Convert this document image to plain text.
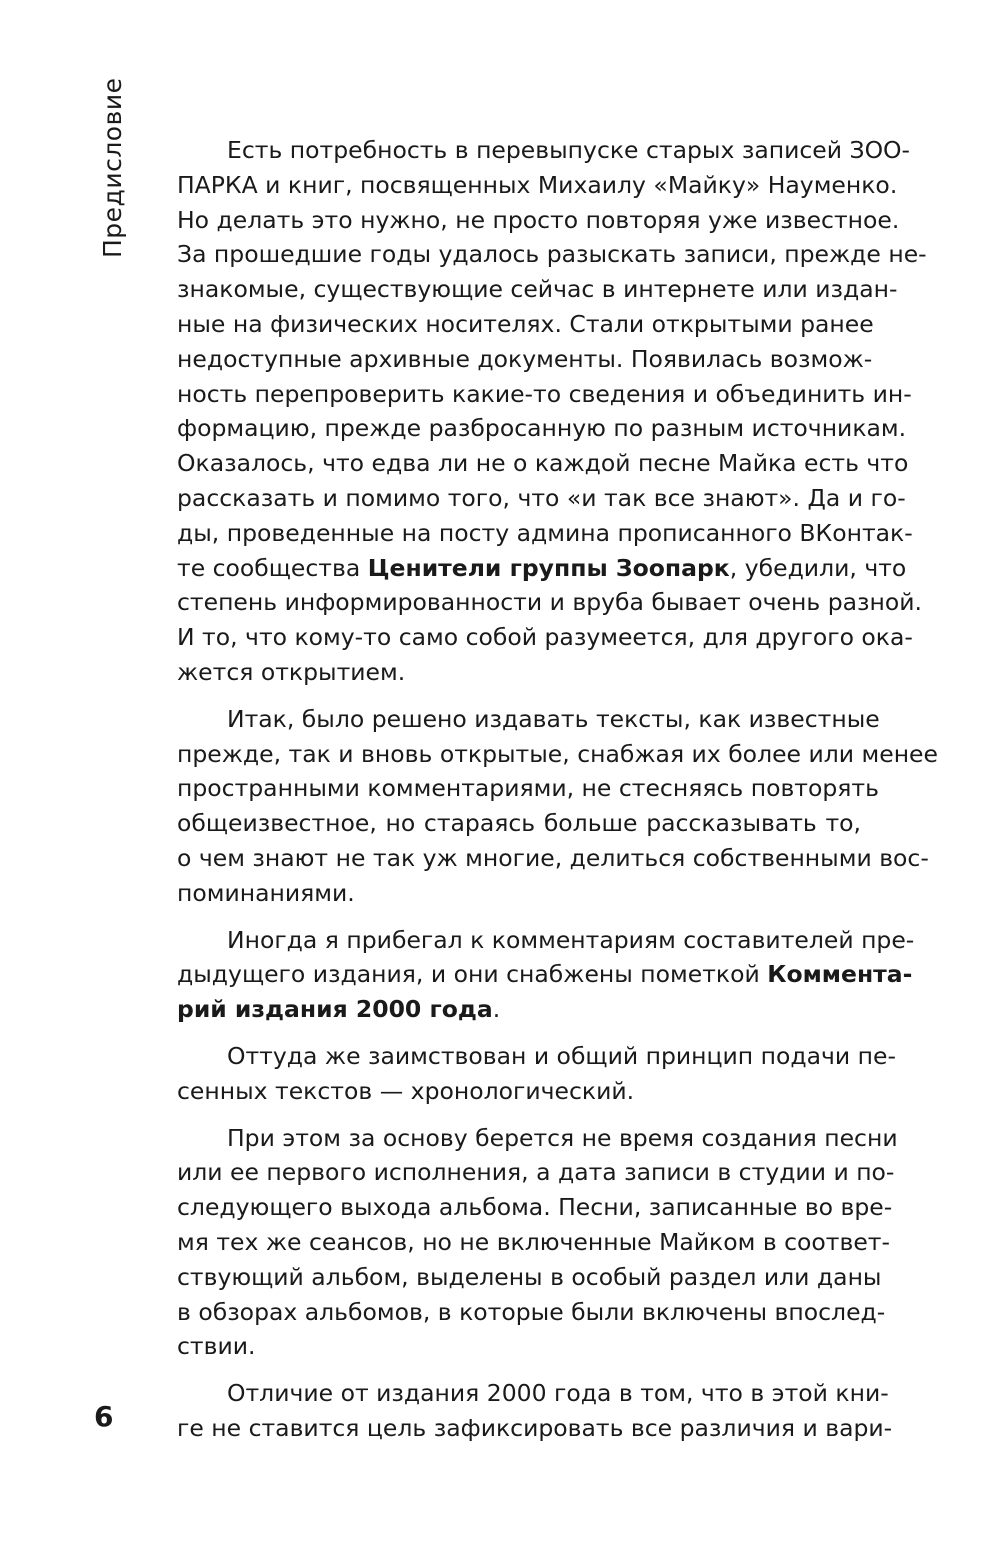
Предисловие	Есть потребность в перевыпуске старых записей ЗОО-
ПАРКА и книг, посвященных Михаилу «Майку» Науменко.
Но делать это нужно, не просто повторяя уже известное.
За прошедшие годы удалось разыскать записи, прежде не-
знакомые, существующие сейчас в интернете или издан-
ные на физических носителях. Стали открытыми ранее
недоступные архивные документы. Появилась возмож-
ность перепроверить какие-то сведения и объединить ин-
формацию, прежде разбросанную по разным источникам.
Оказалось, что едва ли не о каждой песне Майка есть что
рассказать и помимо того, что «и так все знают». Да и го-
ды, проведенные на посту админа прописанного ВКонтак-
те сообщества Ценители группы Зоопарк, убедили, что
степень информированности и вруба бывает очень разной.
И то, что кому-то само собой разумеется, для другого ока-
жется открытием.
Итак, было решено издавать тексты, как известные
прежде, так и вновь открытые, снабжая их более или менее
пространными комментариями, не стесняясь повторять
общеизвестное, но стараясь больше рассказывать то,
о чем знают не так уж многие, делиться собственными вос-
поминаниями.
Иногда я прибегал к комментариям составителей пре-
дыдущего издания, и они снабжены пометкой Коммента-
рий издания 2000 года.
Оттуда же заимствован и общий принцип подачи пе-
сенных текстов — хронологический.
При этом за основу берется не время создания песни
или ее первого исполнения, а дата записи в студии и по-
следующего выхода альбома. Песни, записанные во вре-
мя тех же сеансов, но не включенные Майком в соответ-
ствующий альбом, выделены в особый раздел или даны
в обзорах альбомов, в которые были включены впослед-
ствии.
Отличие от издания 2000 года в том, что в этой кни-
ге не ставится цель зафиксировать все различия и вари-
6
